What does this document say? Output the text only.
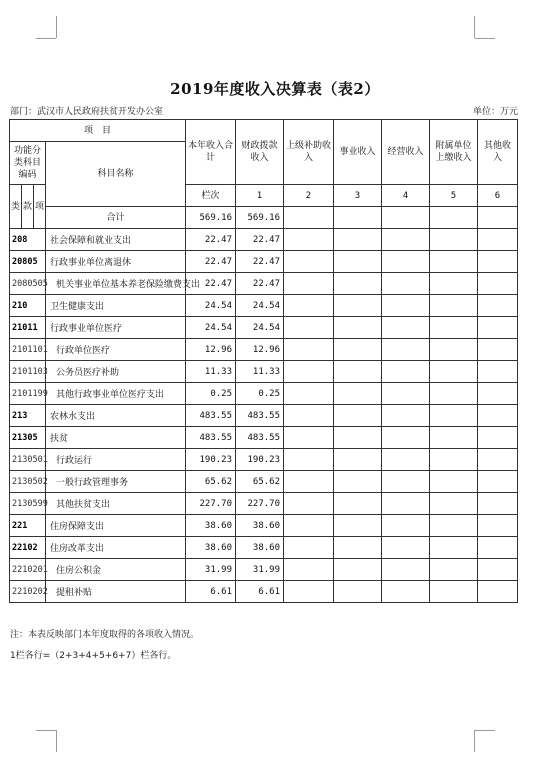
2019年度收入决算表（表2）
部门：武汉市人民政府扶贫开发办公室	单位：万元
项　目				本年收入合计	财政拨款收入	上级补助收入	事业收入	经营收入	附属单位上缴收入	其他收入	
功能分类科目编码			科目名称								
类	款	项									
				栏次	1	2	3	4	5	6	
			合计	569.16	569.16						
208			社会保障和就业支出	22.47	22.47						
20805			行政事业单位离退休	22.47	22.47						
2080505			机关事业单位基本养老保险缴费支出	22.47	22.47						
210			卫生健康支出	24.54	24.54						
21011			行政事业单位医疗	24.54	24.54						
2101101			行政单位医疗	12.96	12.96						
2101103			公务员医疗补助	11.33	11.33						
2101199			其他行政事业单位医疗支出	0.25	0.25						
213			农林水支出	483.55	483.55						
21305			扶贫	483.55	483.55						
2130501			行政运行	190.23	190.23						
2130502			一般行政管理事务	65.62	65.62						
2130599			其他扶贫支出	227.70	227.70						
221			住房保障支出	38.60	38.60						
22102			住房改革支出	38.60	38.60						
2210201			住房公积金	31.99	31.99						
2210202			提租补贴	6.61	6.61						
注：本表反映部门本年度取得的各项收入情况。
1栏各行=（2+3+4+5+6+7）栏各行。
